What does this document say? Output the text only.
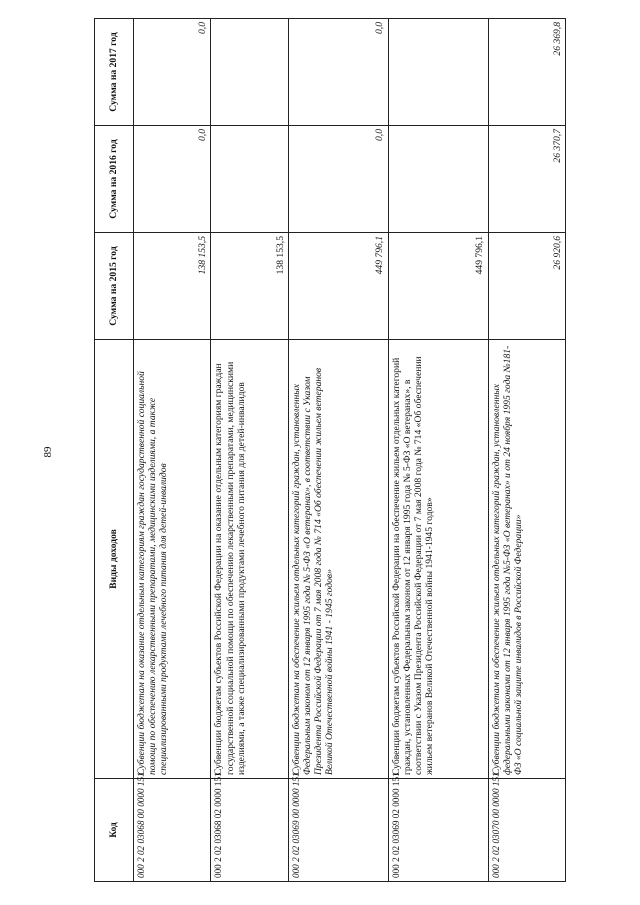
89
Код	Виды доходов	Сумма на 2015 год	Сумма на 2016 год	Сумма на 2017 год
000 2 02 03068 00 0000 151	Субвенции бюджетам на оказание отдельным категориям граждан государственной социальной помощи по обеспечению лекарственными препаратами, медицинскими изделиями, а также специализированными продуктами лечебного питания для детей-инвалидов	138 153,5	0,0	0,0
000 2 02 03068 02 0000 151	Субвенции бюджетам субъектов Российской Федерации на оказание отдельным категориям граждан государственной социальной помощи по обеспечению лекарственными препаратами, медицинскими изделиями, а также специализированными продуктами лечебного питания для детей-инвалидов	138 153,5		
000 2 02 03069 00 0000 151	Субвенции бюджетам на обеспечение жильем отдельных категорий граждан, установленных Федеральным законом от 12 января 1995 года № 5-ФЗ «О ветеранах», в соответствии с Указом Президента Российской Федерации от 7 мая 2008 года № 714 «Об обеспечении жильем ветеранов Великой Отечественной войны 1941 - 1945 годов»	449 796,1	0,0	0,0
000 2 02 03069 02 0000 151	Субвенции бюджетам субъектов Российской Федерации на обеспечение жильем отдельных категорий граждан, установленных Федеральным законом от 12 января 1995 года № 5-ФЗ «О ветеранах», в соответствии с Указом Президента Российской Федерации от 7 мая 2008 года № 714 «Об обеспечении жильем ветеранов Великой Отечественной войны 1941-1945 годов»	449 796,1		
000 2 02 03070 00 0000 151	Субвенции бюджетам на обеспечение жильем отдельных категорий граждан, установленных федеральными законами от 12 января 1995 года №5-ФЗ «О ветеранах» и от 24 ноября 1995 года №181-ФЗ «О социальной защите инвалидов в Российской Федерации»	26 920,6	26 370,7	26 369,8
